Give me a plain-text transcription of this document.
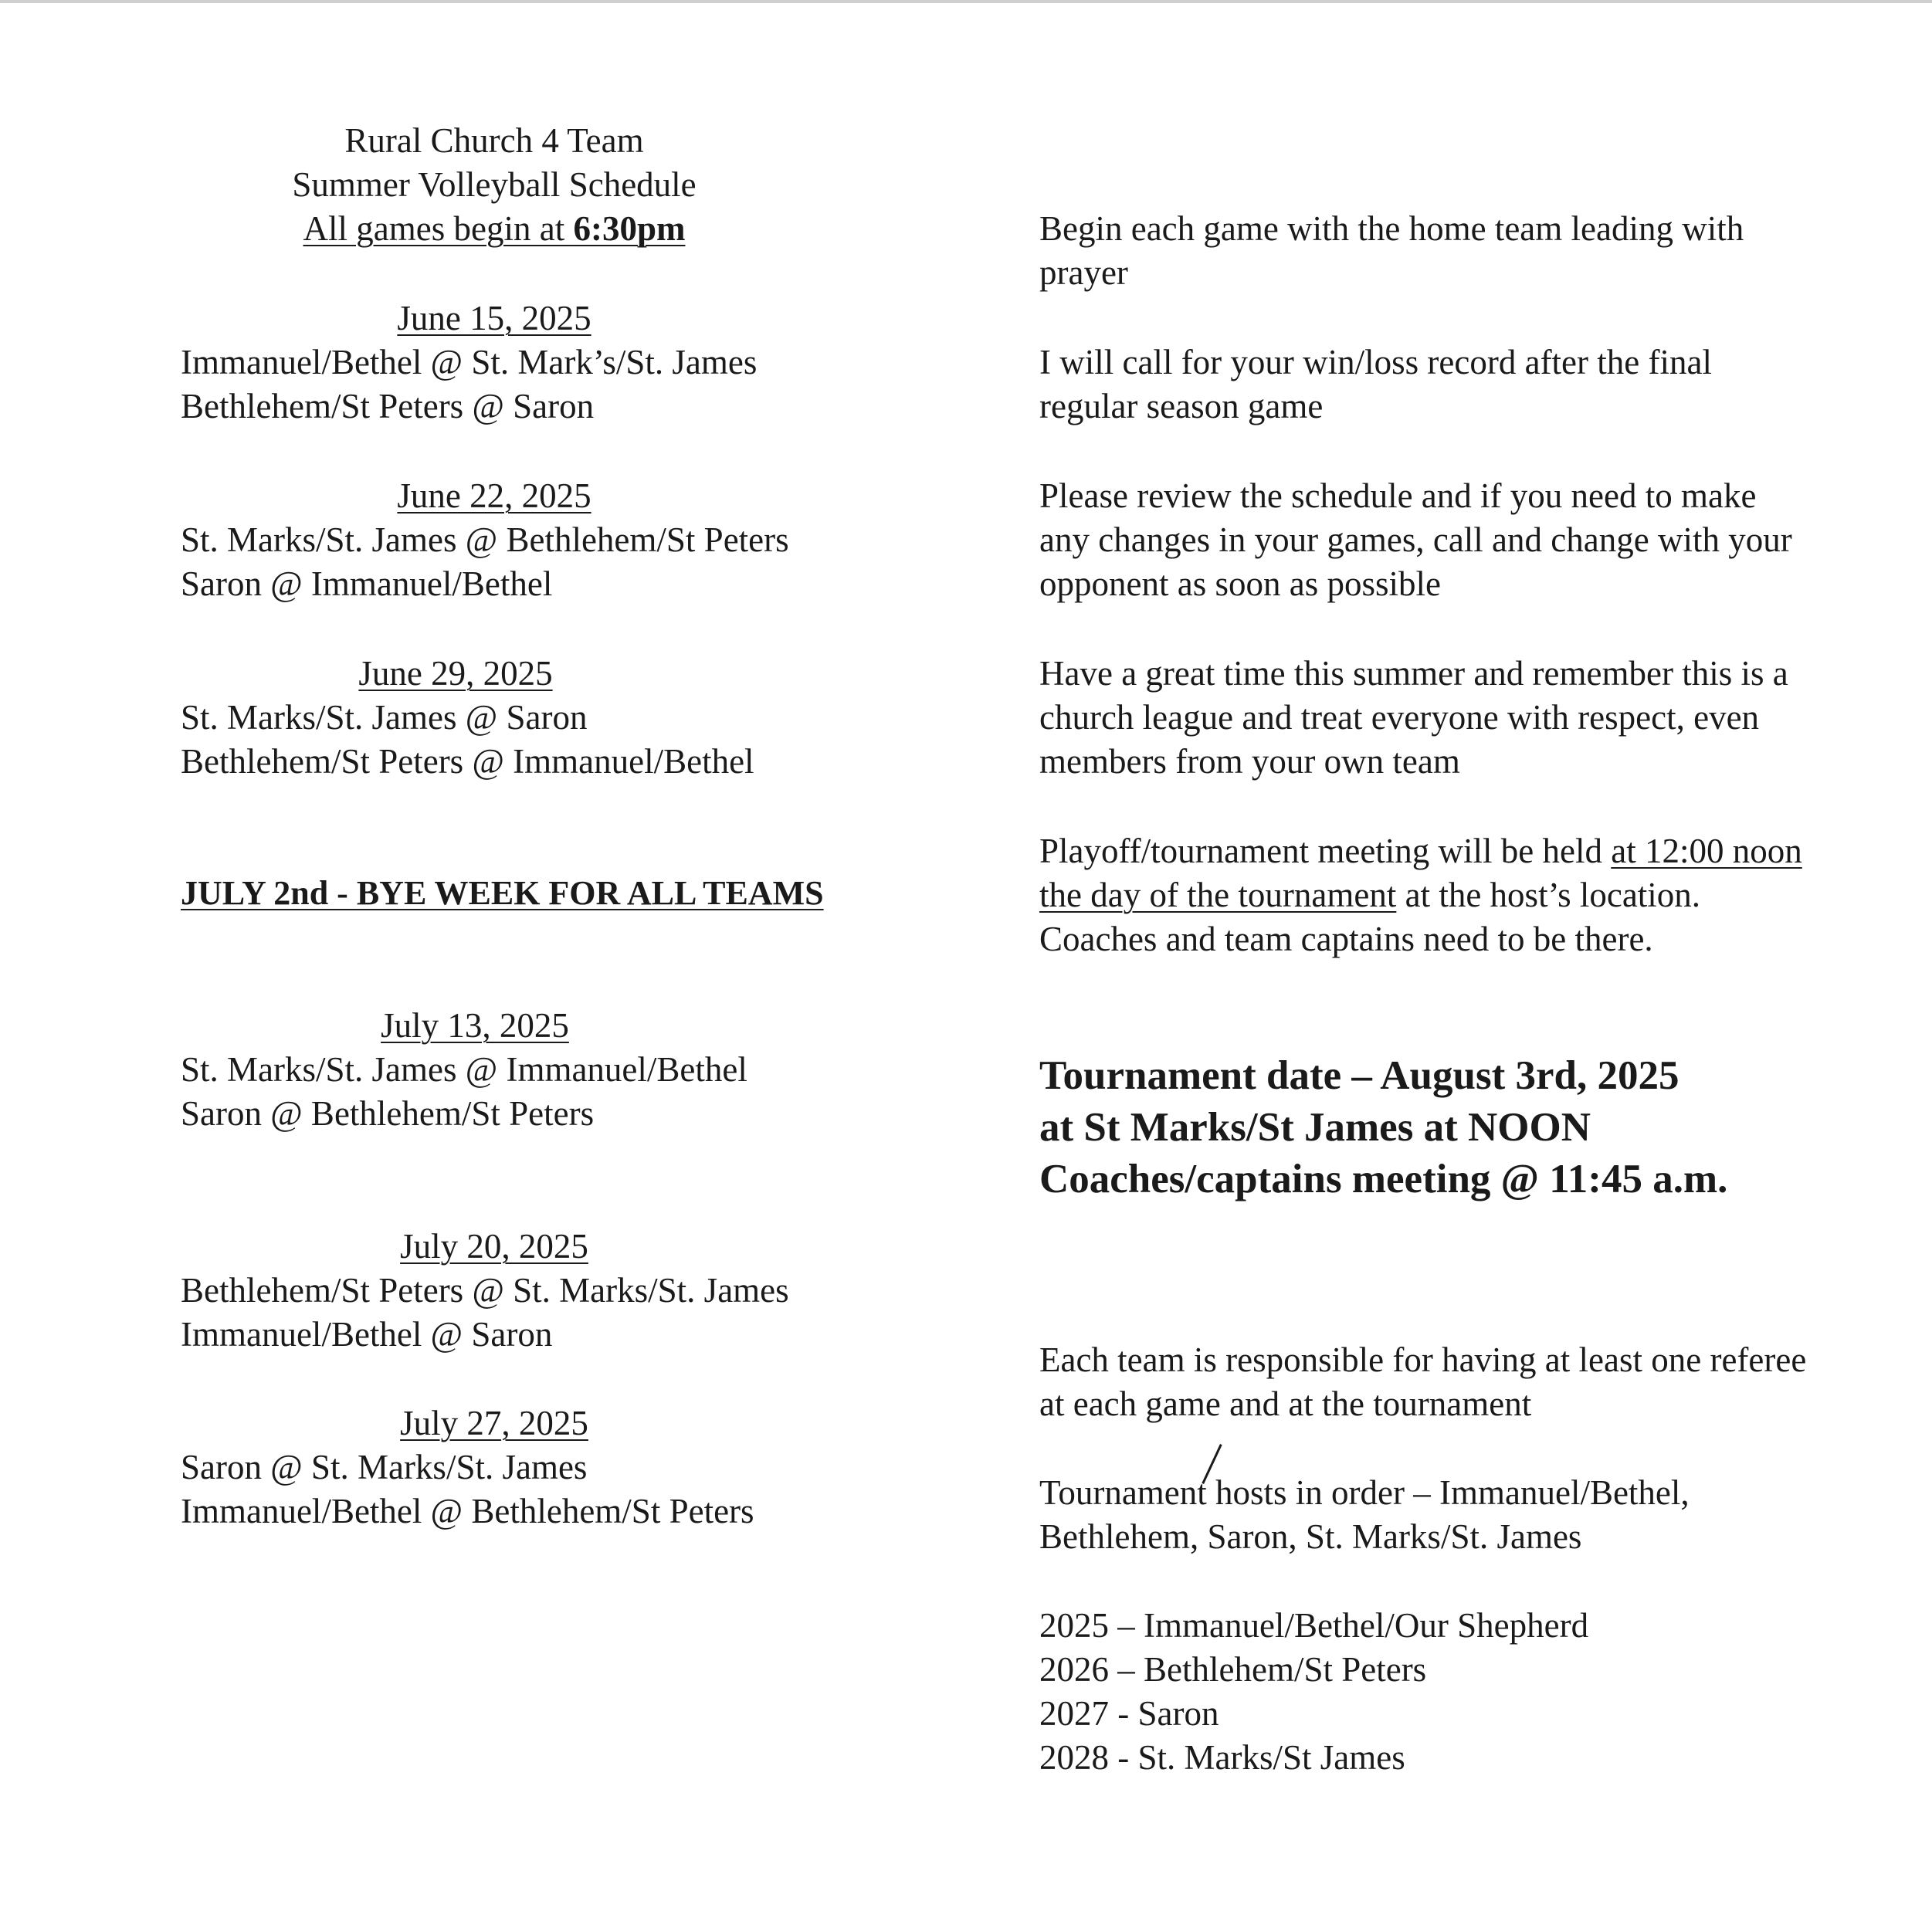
Rural Church 4 Team

Summer Volleyball Schedule

All games begin at 6:30pm

June 15, 2025

Immanuel/Bethel @ St. Mark’s/St. James

Bethlehem/St Peters @ Saron

June 22, 2025

St. Marks/St. James @ Bethlehem/St Peters

Saron @ Immanuel/Bethel

June 29, 2025

St. Marks/St. James @ Saron

Bethlehem/St Peters @ Immanuel/Bethel

JULY 2nd - BYE WEEK FOR ALL TEAMS

July 13, 2025

St. Marks/St. James @ Immanuel/Bethel

Saron @ Bethlehem/St Peters

July 20, 2025

Bethlehem/St Peters @ St. Marks/St. James

Immanuel/Bethel @ Saron

July 27, 2025

Saron @ St. Marks/St. James

Immanuel/Bethel @ Bethlehem/St Peters

Begin each game with the home team leading with

prayer

I will call for your win/loss record after the final

regular season game

Please review the schedule and if you need to make

any changes in your games, call and change with your

opponent as soon as possible

Have a great time this summer and remember this is a

church league and treat everyone with respect, even

members from your own team

Playoff/tournament meeting will be held at 12:00 noon

the day of the tournament at the host’s location.

Coaches and team captains need to be there.

Tournament date – August 3rd, 2025

at St Marks/St James at NOON

Coaches/captains meeting @ 11:45 a.m.

Each team is responsible for having at least one referee

at each game and at the tournament

Tournament hosts in order – Immanuel/Bethel,

Bethlehem, Saron, St. Marks/St. James

2025 – Immanuel/Bethel/Our Shepherd

2026 – Bethlehem/St Peters

2027 - Saron

2028 - St. Marks/St James
